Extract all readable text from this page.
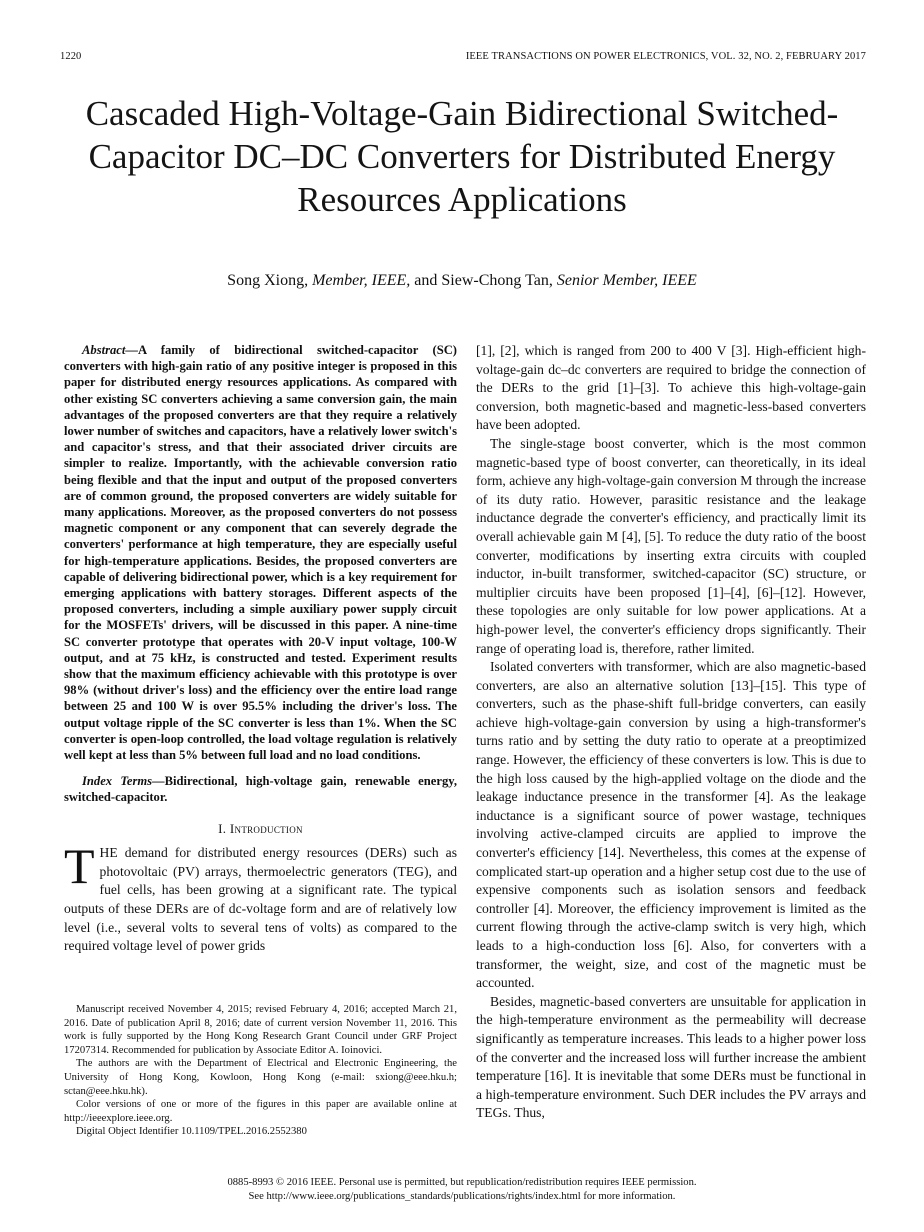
1220	IEEE TRANSACTIONS ON POWER ELECTRONICS, VOL. 32, NO. 2, FEBRUARY 2017
Cascaded High-Voltage-Gain Bidirectional Switched-Capacitor DC–DC Converters for Distributed Energy Resources Applications
Song Xiong, Member, IEEE, and Siew-Chong Tan, Senior Member, IEEE

Abstract—A family of bidirectional switched-capacitor (SC) converters with high-gain ratio of any positive integer is proposed in this paper for distributed energy resources applications. As compared with other existing SC converters achieving a same conversion gain, the main advantages of the proposed converters are that they require a relatively lower number of switches and capacitors, have a relatively lower switch's and capacitor's stress, and that their associated driver circuits are simpler to realize. Importantly, with the achievable conversion ratio being flexible and that the input and output of the proposed converters are of common ground, the proposed converters are widely suitable for many applications. Moreover, as the proposed converters do not possess magnetic component or any component that can severely degrade the converters' performance at high temperature, they are especially useful for high-temperature applications. Besides, the proposed converters are capable of delivering bidirectional power, which is a key requirement for emerging applications with battery storages. Different aspects of the proposed converters, including a simple auxiliary power supply circuit for the MOSFETs' drivers, will be discussed in this paper. A nine-time SC converter prototype that operates with 20-V input voltage, 100-W output, and at 75 kHz, is constructed and tested. Experiment results show that the maximum efficiency achievable with this prototype is over 98% (without driver's loss) and the efficiency over the entire load range between 25 and 100 W is over 95.5% including the driver's loss. The output voltage ripple of the SC converter is less than 1%. When the SC converter is open-loop controlled, the load voltage regulation is relatively well kept at less than 5% between full load and no load conditions.

Index Terms—Bidirectional, high-voltage gain, renewable energy, switched-capacitor.

I. Introduction

THE demand for distributed energy resources (DERs) such as photovoltaic (PV) arrays, thermoelectric generators (TEG), and fuel cells, has been growing at a significant rate. The typical outputs of these DERs are of dc-voltage form and are of relatively low level (i.e., several volts to several tens of volts) as compared to the required voltage level of power grids

Manuscript received November 4, 2015; revised February 4, 2016; accepted March 21, 2016. Date of publication April 8, 2016; date of current version November 11, 2016. This work is fully supported by the Hong Kong Research Grant Council under GRF Project 17207314. Recommended for publication by Associate Editor A. Ioinovici.

The authors are with the Department of Electrical and Electronic Engineering, the University of Hong Kong, Kowloon, Hong Kong (e-mail: sxiong@eee.hku.h; sctan@eee.hku.hk).

Color versions of one or more of the figures in this paper are available online at http://ieeexplore.ieee.org.

Digital Object Identifier 10.1109/TPEL.2016.2552380

[1], [2], which is ranged from 200 to 400 V [3]. High-efficient high-voltage-gain dc–dc converters are required to bridge the connection of the DERs to the grid [1]–[3]. To achieve this high-voltage-gain conversion, both magnetic-based and magnetic-less-based converters have been adopted.

The single-stage boost converter, which is the most common magnetic-based type of boost converter, can theoretically, in its ideal form, achieve any high-voltage-gain conversion M through the increase of its duty ratio. However, parasitic resistance and the leakage inductance degrade the converter's efficiency, and practically limit its overall achievable gain M [4], [5]. To reduce the duty ratio of the boost converter, modifications by inserting extra circuits with coupled inductor, in-built transformer, switched-capacitor (SC) structure, or multiplier circuits have been proposed [1]–[4], [6]–[12]. However, these topologies are only suitable for low power applications. At a high-power level, the converter's efficiency drops significantly. Their range of operating load is, therefore, rather limited.

Isolated converters with transformer, which are also magnetic-based converters, are also an alternative solution [13]–[15]. This type of converters, such as the phase-shift full-bridge converters, can easily achieve high-voltage-gain conversion by using a high-transformer's turns ratio and by setting the duty ratio to operate at a preoptimized range. However, the efficiency of these converters is low. This is due to the high loss caused by the high-applied voltage on the diode and the leakage inductance presence in the transformer [4]. As the leakage inductance is a significant source of power wastage, techniques involving active-clamped circuits are applied to improve the converter's efficiency [14]. Nevertheless, this comes at the expense of complicated start-up operation and a higher setup cost due to the use of expensive components such as isolation sensors and feedback controller [4]. Moreover, the efficiency improvement is limited as the current flowing through the active-clamp switch is very high, which leads to a high-conduction loss [6]. Also, for converters with a transformer, the weight, size, and cost of the magnetic must be accounted.

Besides, magnetic-based converters are unsuitable for application in the high-temperature environment as the permeability will decrease significantly as temperature increases. This leads to a higher power loss of the converter and the increased loss will further increase the ambient temperature [16]. It is inevitable that some DERs must be functional in a high-temperature environment. Such DER includes the PV arrays and TEGs. Thus,

0885-8993 © 2016 IEEE. Personal use is permitted, but republication/redistribution requires IEEE permission.
See http://www.ieee.org/publications_standards/publications/rights/index.html for more information.
